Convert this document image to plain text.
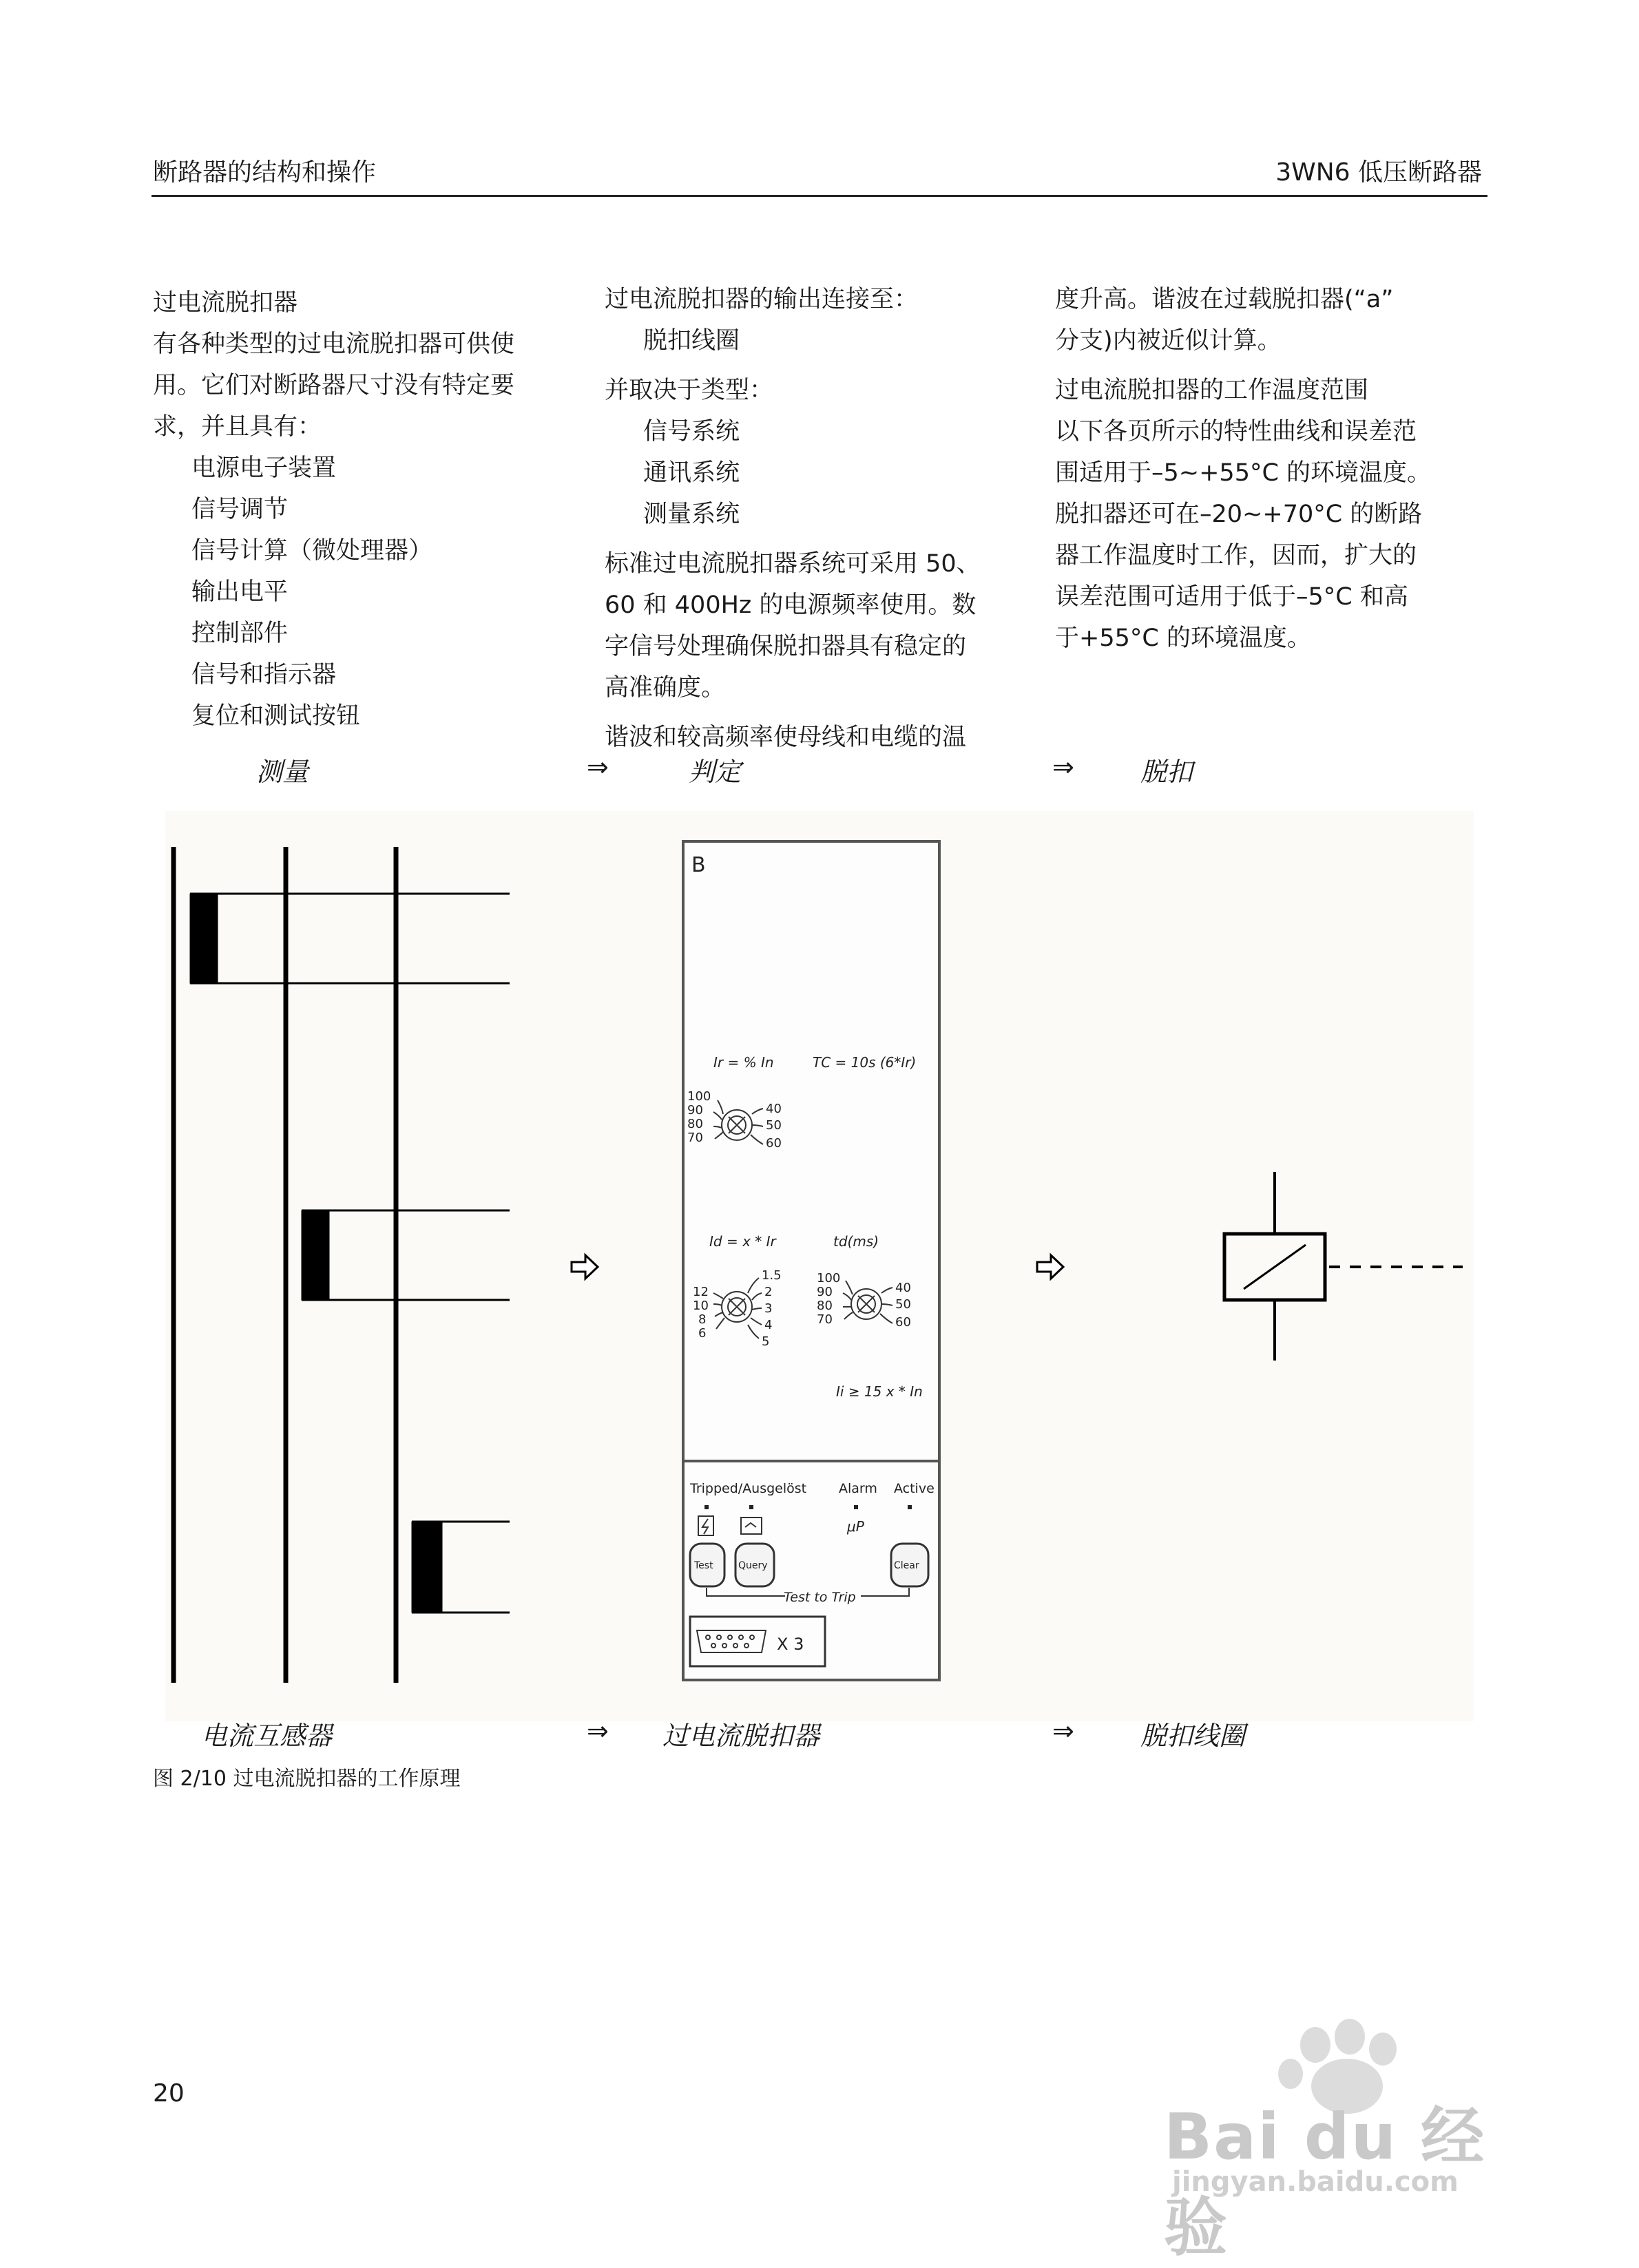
断路器的结构和操作	3WN6 低压断路器
过电流脱扣器
有各种类型的过电流脱扣器可供使
用。它们对断路器尺寸没有特定要
求，并且具有：
电源电子装置
信号调节
信号计算（微处理器）
输出电平
控制部件
信号和指示器
复位和测试按钮
过电流脱扣器的输出连接至：
脱扣线圈
并取决于类型：
信号系统
通讯系统
测量系统
标准过电流脱扣器系统可采用 50、
60 和 400Hz 的电源频率使用。数
字信号处理确保脱扣器具有稳定的
高准确度。
谐波和较高频率使母线和电缆的温
度升高。谐波在过载脱扣器(“a”
分支)内被近似计算。
过电流脱扣器的工作温度范围
以下各页所示的特性曲线和误差范
围适用于–5~+55°C 的环境温度。
脱扣器还可在–20~+70°C 的断路
器工作温度时工作，因而，扩大的
误差范围可适用于低于–5°C 和高
于+55°C 的环境温度。
测量	⇒	判定	⇒	脱扣
B
Ir = % In	TC = 10s (6*Ir)
100
90
80
70
40
50
60
Id = x * Ir	td(ms)
12
10
8
6
1.5
2
3
4
5
100
90
80
70
40
50
60
Ii ≥ 15 x * In
Tripped/Ausgelöst Alarm Active
μP
Test	Query	Clear
Test to Trip
X 3
电流互感器	⇒ 过电流脱扣器	⇒	脱扣线圈
图 2/10 过电流脱扣器的工作原理
20
Bai du 经验
jingyan.baidu.com
